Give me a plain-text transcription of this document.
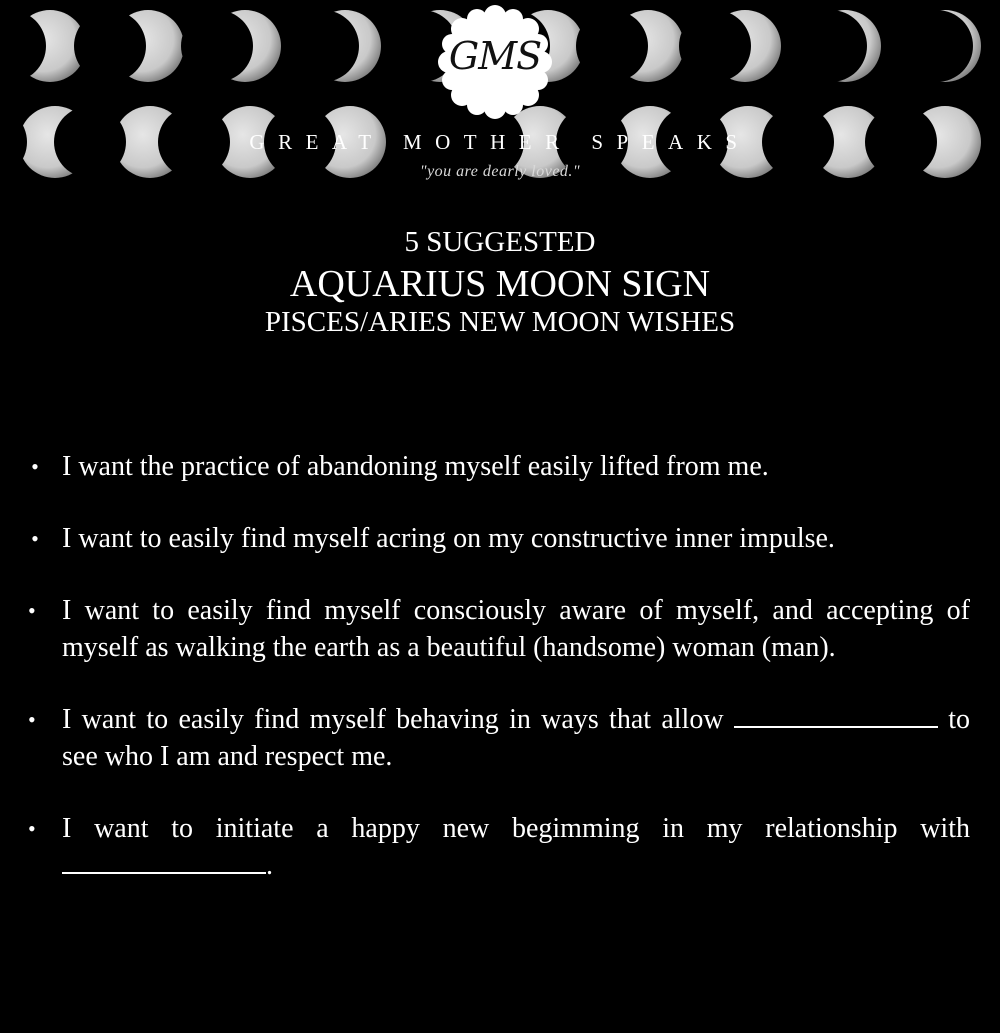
GMS
GREAT MOTHER SPEAKS
"you are dearly loved."
5 SUGGESTED
AQUARIUS MOON SIGN
PISCES/ARIES NEW MOON WISHES
• I want the practice of abandoning myself easily lifted from me.
• I want to easily find myself acring on my constructive inner impulse.
• I want to easily find myself consciously aware of myself, and accepting of myself as walking the earth as a beautiful (handsome) woman (man).
• I want to easily find myself behaving in ways that allow	to see who I am and respect me.
• I want to initiate a happy new begimming in my relationship with .
